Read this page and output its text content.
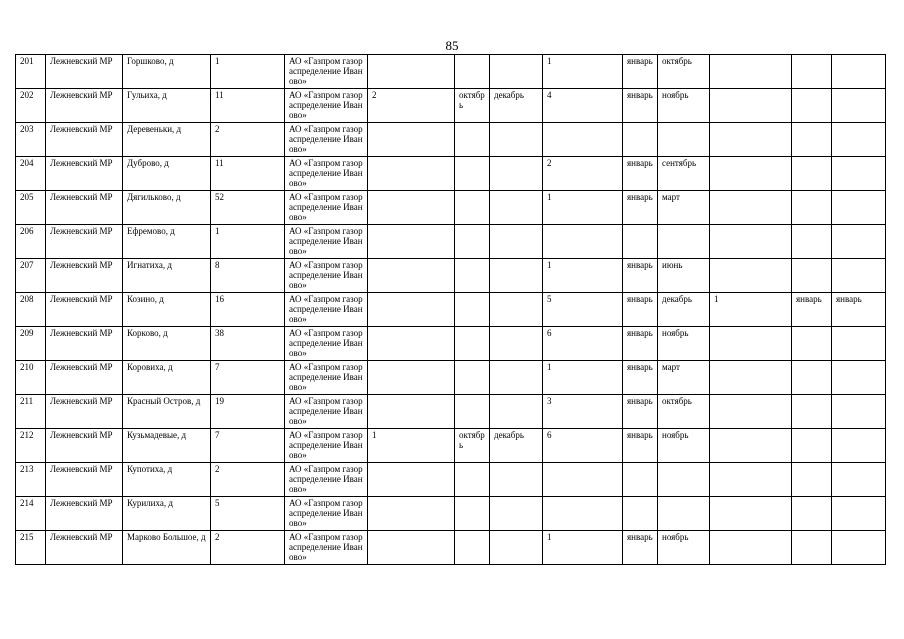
85
201	Лежневский МР	Горшково, д	1	АО «Газпром газораспределение Иваново»				1	январь	октябрь			
202	Лежневский МР	Гульиха, д	11	АО «Газпром газораспределение Иваново»	2	октябрь	декабрь	4	январь	ноябрь			
203	Лежневский МР	Деревеньки, д	2	АО «Газпром газораспределение Иваново»									
204	Лежневский МР	Дуброво, д	11	АО «Газпром газораспределение Иваново»				2	январь	сентябрь			
205	Лежневский МР	Дягильково, д	52	АО «Газпром газораспределение Иваново»				1	январь	март			
206	Лежневский МР	Ефремово, д	1	АО «Газпром газораспределение Иваново»									
207	Лежневский МР	Игнатиха, д	8	АО «Газпром газораспределение Иваново»				1	январь	июнь			
208	Лежневский МР	Козино, д	16	АО «Газпром газораспределение Иваново»				5	январь	декабрь	1	январь	январь
209	Лежневский МР	Корково, д	38	АО «Газпром газораспределение Иваново»				6	январь	ноябрь			
210	Лежневский МР	Коровиха, д	7	АО «Газпром газораспределение Иваново»				1	январь	март			
211	Лежневский МР	Красный Остров, д	19	АО «Газпром газораспределение Иваново»				3	январь	октябрь			
212	Лежневский МР	Кузьмадевые, д	7	АО «Газпром газораспределение Иваново»	1	октябрь	декабрь	6	январь	ноябрь			
213	Лежневский МР	Купотиха, д	2	АО «Газпром газораспределение Иваново»									
214	Лежневский МР	Курилиха, д	5	АО «Газпром газораспределение Иваново»									
215	Лежневский МР	Марково Большое, д	2	АО «Газпром газораспределение Иваново»				1	январь	ноябрь			
